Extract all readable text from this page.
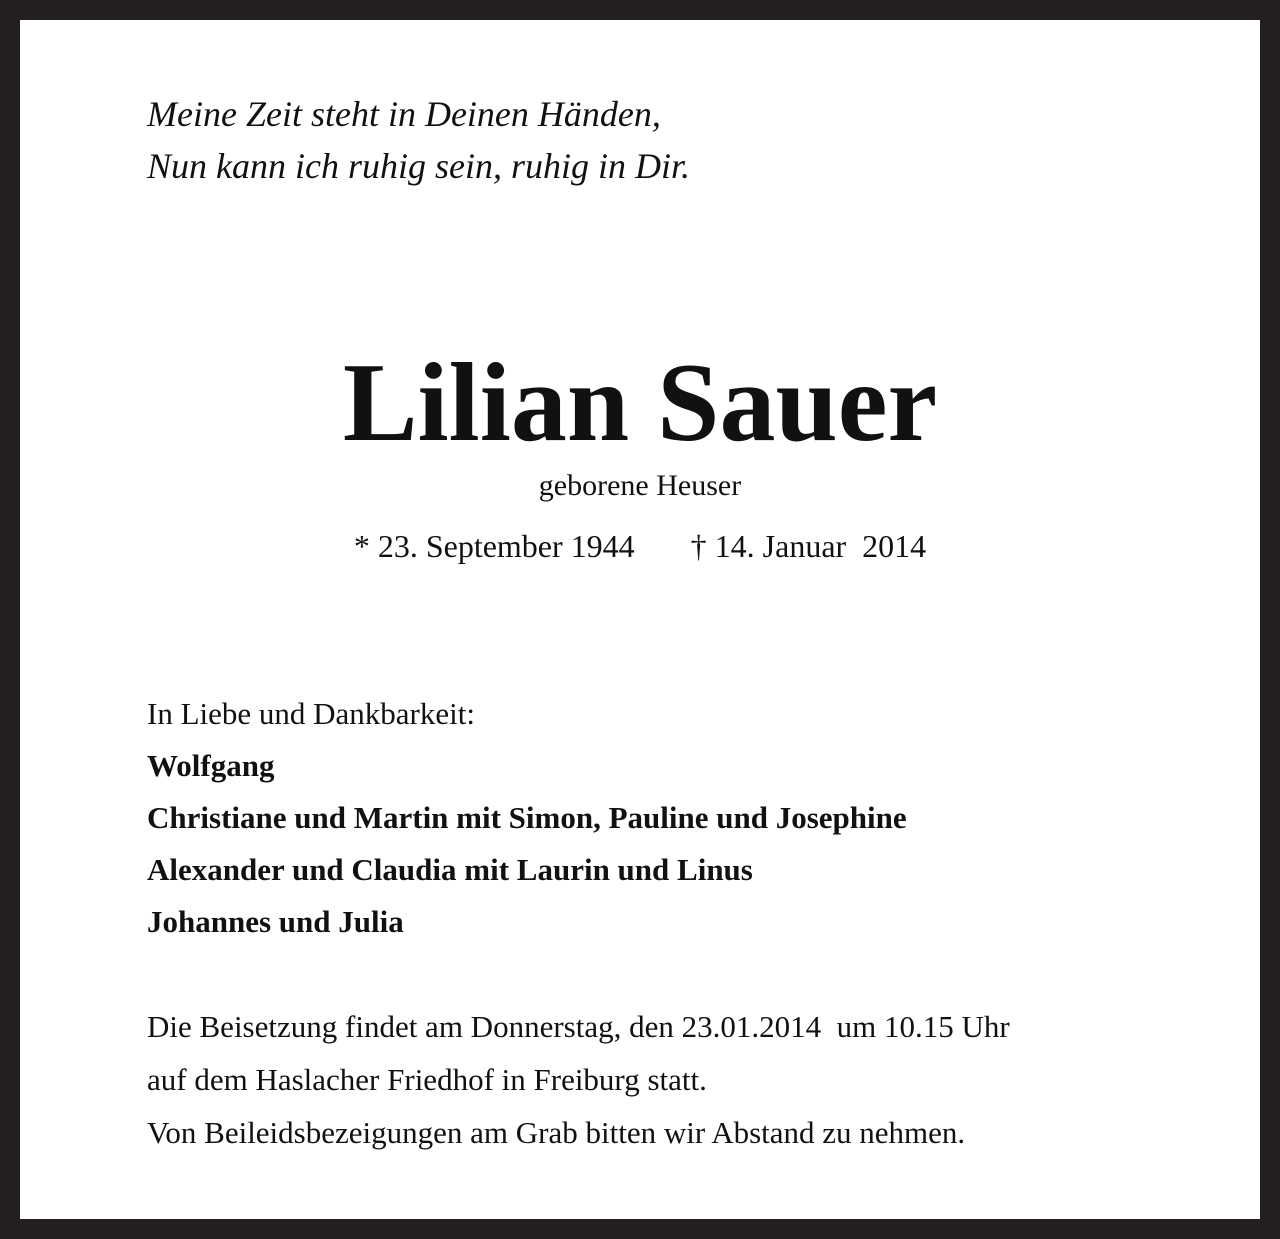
Meine Zeit steht in Deinen Händen,
Nun kann ich ruhig sein, ruhig in Dir.

Lilian Sauer
geborene Heuser
* 23. September 1944 † 14. Januar  2014
In Liebe und Dankbarkeit:
Wolfgang
Christiane und Martin mit Simon, Pauline und Josephine
Alexander und Claudia mit Laurin und Linus
Johannes und Julia
Die Beisetzung findet am Donnerstag, den 23.01.2014  um 10.15 Uhr
auf dem Haslacher Friedhof in Freiburg statt.
Von Beileidsbezeigungen am Grab bitten wir Abstand zu nehmen.
